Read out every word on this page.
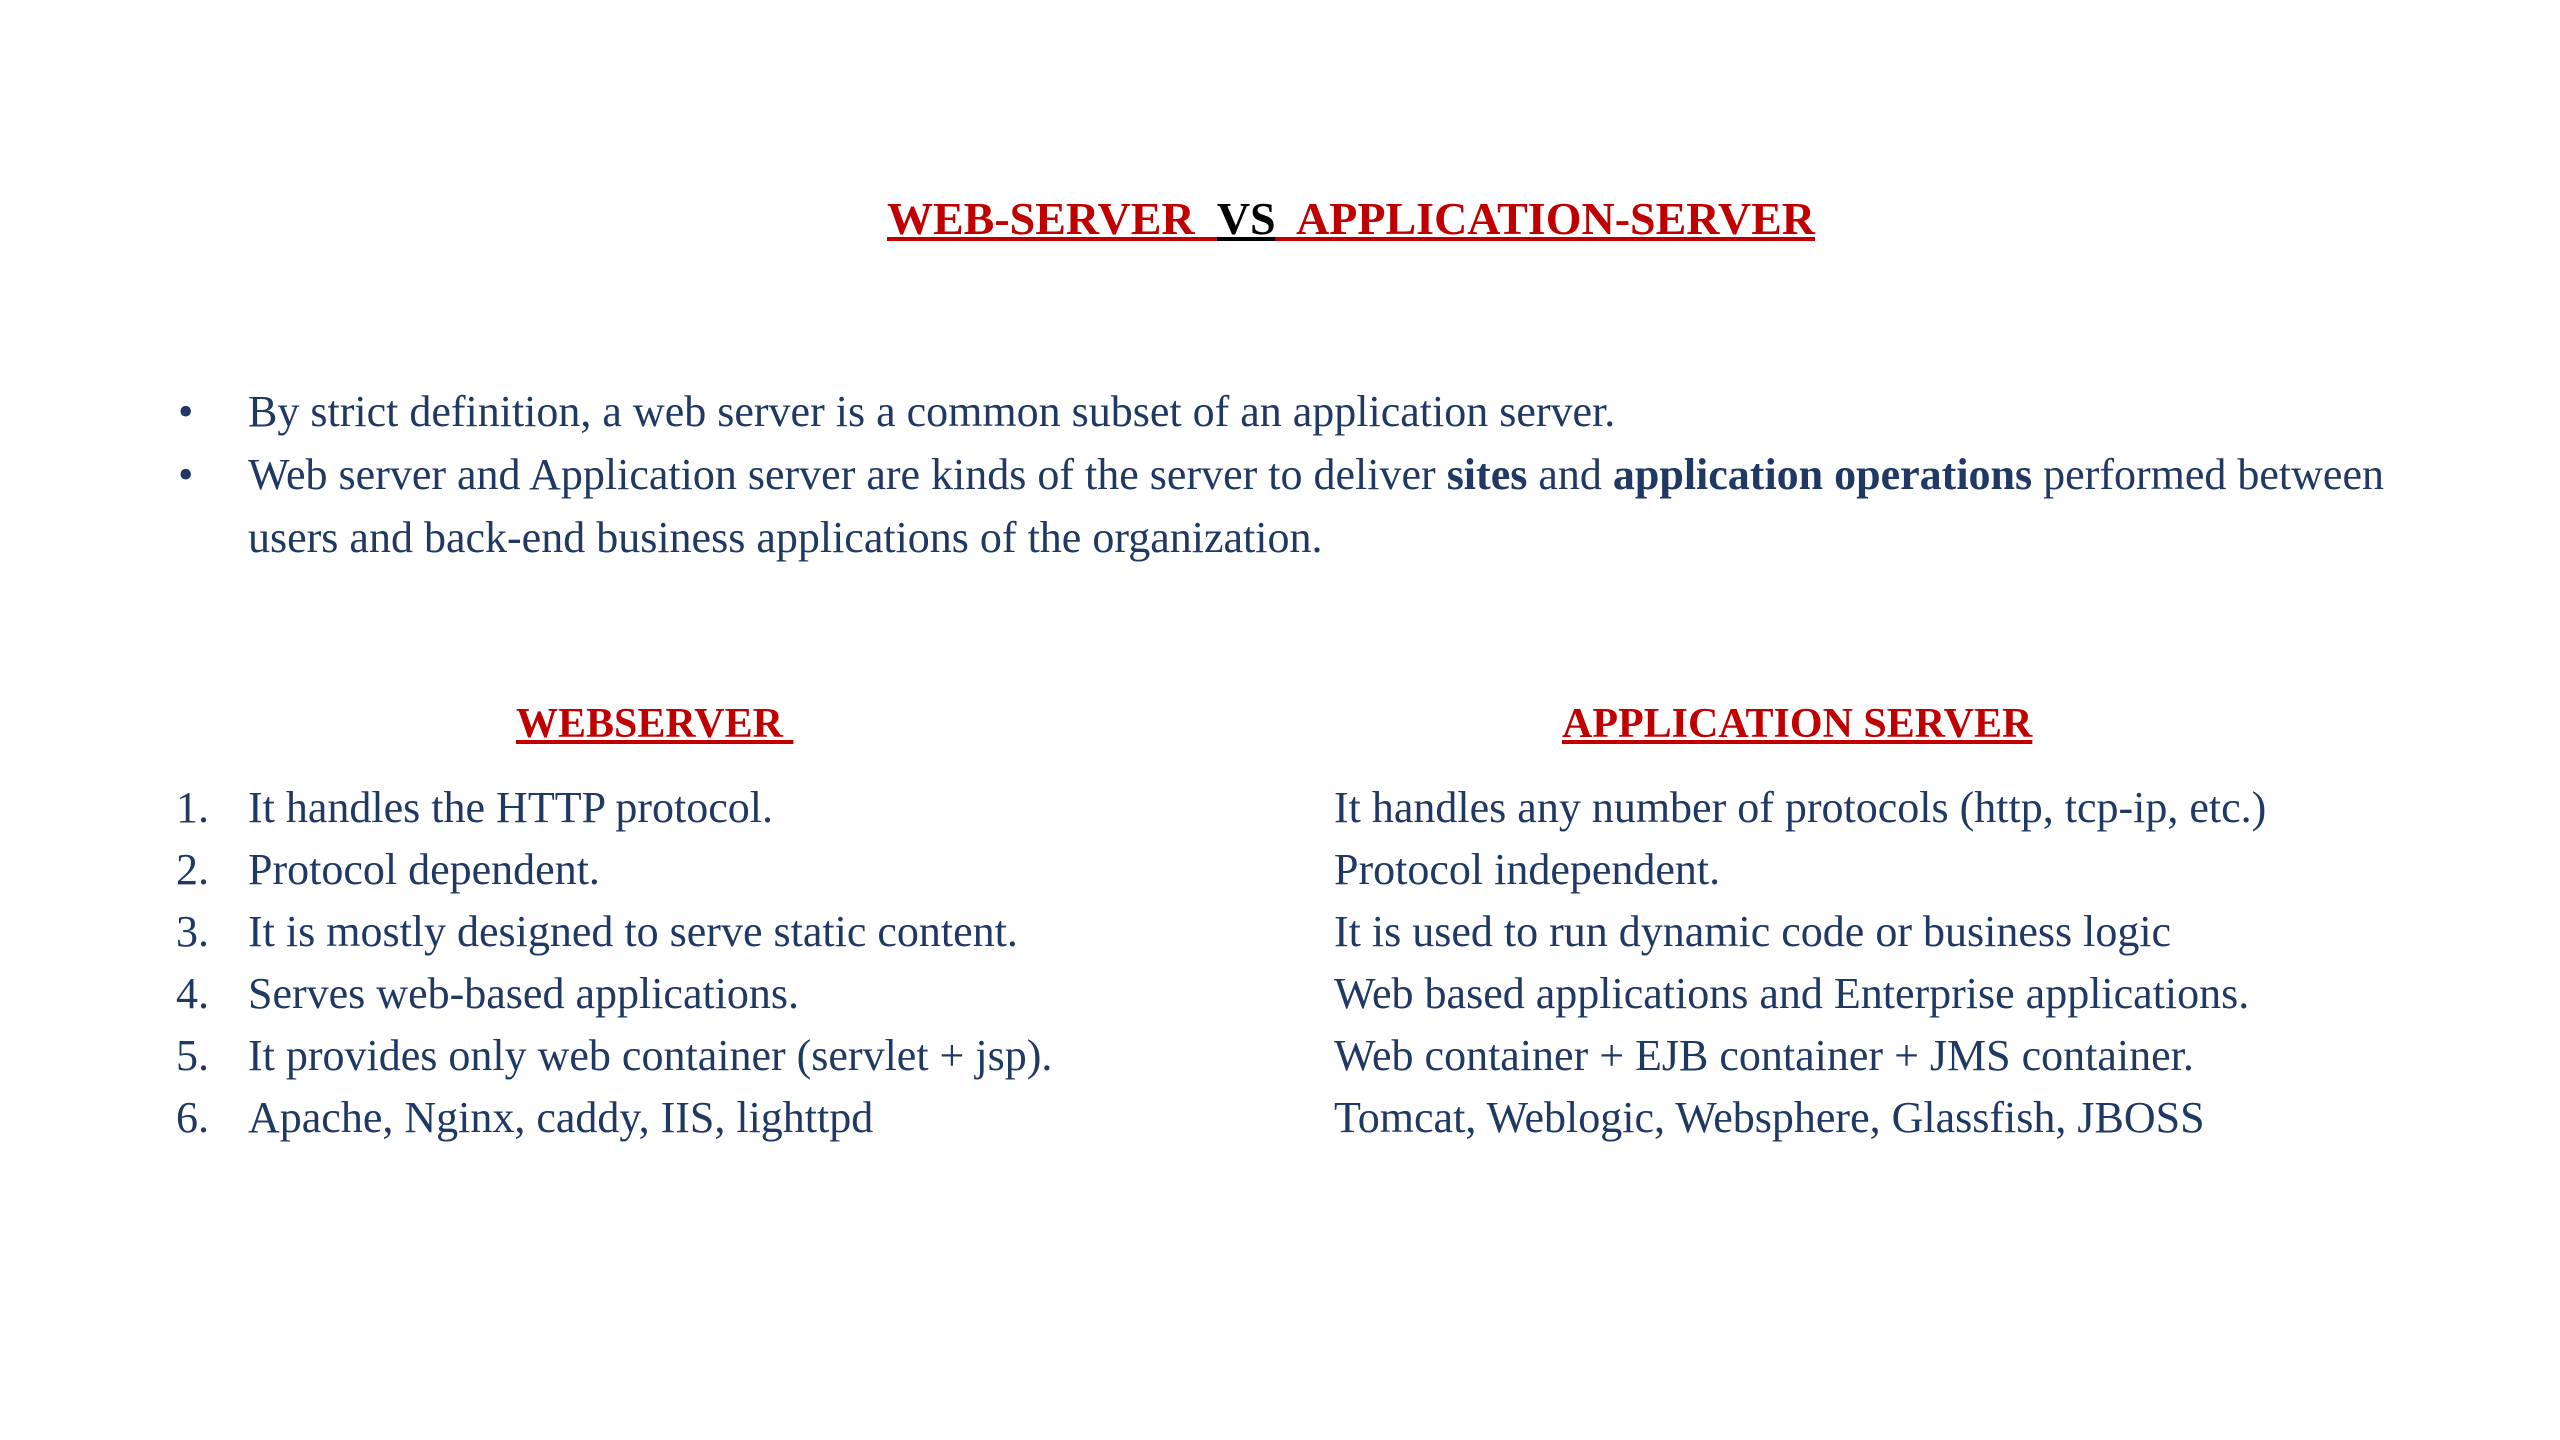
WEB-SERVER  VS  APPLICATION-SERVER
• By strict definition, a web server is a common subset of an application server.
• Web server and Application server are kinds of the server to deliver sites and application operations performed between users and back-end business applications of the organization.
WEBSERVER	APPLICATION SERVER
1. It handles the HTTP protocol.	It handles any number of protocols (http, tcp-ip, etc.)
2. Protocol dependent.	Protocol independent.
3. It is mostly designed to serve static content.	It is used to run dynamic code or business logic
4. Serves web-based applications.	Web based applications and Enterprise applications.
5. It provides only web container (servlet + jsp).	Web container + EJB container + JMS container.
6. Apache, Nginx, caddy, IIS, lighttpd	Tomcat, Weblogic, Websphere, Glassfish, JBOSS
